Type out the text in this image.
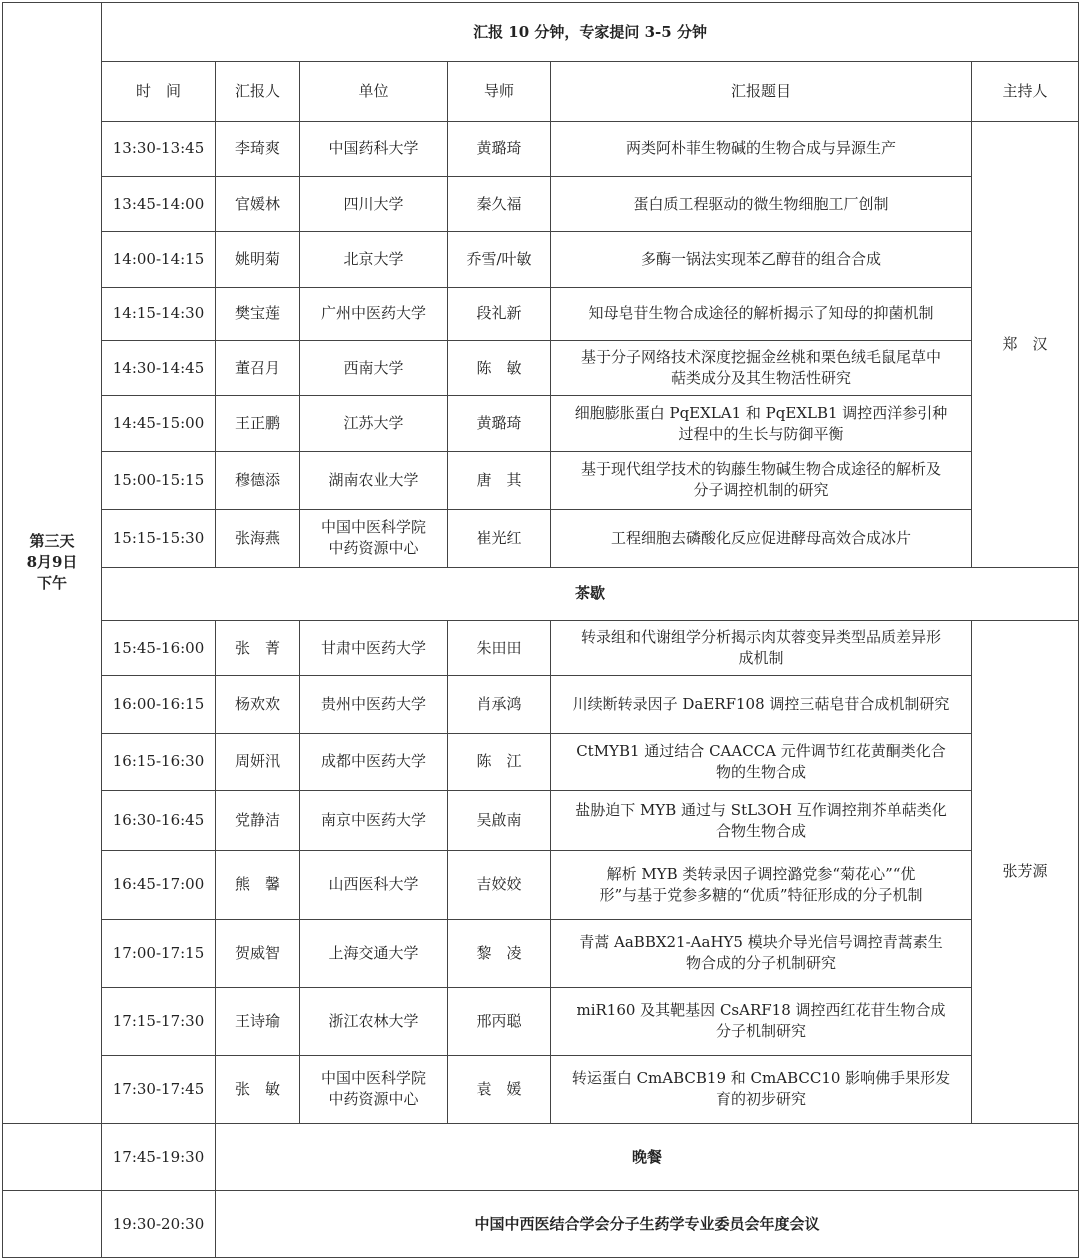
第三天
8月9日
下午	汇报 10 分钟，专家提问 3-5 分钟					
	时　间	汇报人	单位	导师	汇报题目	主持人
	13:30-13:45	李琦爽	中国药科大学	黄璐琦	两类阿朴菲生物碱的生物合成与异源生产	郑　汉
	13:45-14:00	官媛林	四川大学	秦久福	蛋白质工程驱动的微生物细胞工厂创制	

	14:00-14:15	姚明菊	北京大学	乔雪/叶敏	多酶一锅法实现苯乙醇苷的组合合成	

	14:15-14:30	樊宝莲	广州中医药大学	段礼新	知母皂苷生物合成途径的解析揭示了知母的抑菌机制	

	14:30-14:45	董召月	西南大学	陈　敏	基于分子网络技术深度挖掘金丝桃和栗色绒毛鼠尾草中
萜类成分及其生物活性研究	

	14:45-15:00	王正鹏	江苏大学	黄璐琦	细胞膨胀蛋白 PqEXLA1 和 PqEXLB1 调控西洋参引种
过程中的生长与防御平衡	

	15:00-15:15	穆德添	湖南农业大学	唐　其	基于现代组学技术的钩藤生物碱生物合成途径的解析及
分子调控机制的研究	

	15:15-15:30	张海燕	中国中医科学院
中药资源中心	崔光红	工程细胞去磷酸化反应促进酵母高效合成冰片	

	茶歇					
	15:45-16:00	张　菁	甘肃中医药大学	朱田田	转录组和代谢组学分析揭示肉苁蓉变异类型品质差异形
成机制	张芳源
	16:00-16:15	杨欢欢	贵州中医药大学	肖承鸿	川续断转录因子 DaERF108 调控三萜皂苷合成机制研究	

	16:15-16:30	周妍汛	成都中医药大学	陈　江	CtMYB1 通过结合 CAACCA 元件调节红花黄酮类化合
物的生物合成	

	16:30-16:45	党静洁	南京中医药大学	吴啟南	盐胁迫下 MYB 通过与 StL3OH 互作调控荆芥单萜类化
合物生物合成	

	16:45-17:00	熊　馨	山西医科大学	吉姣姣	解析 MYB 类转录因子调控潞党参“菊花心”“优
形”与基于党参多糖的“优质”特征形成的分子机制	

	17:00-17:15	贺威智	上海交通大学	黎　凌	青蒿 AaBBX21-AaHY5 模块介导光信号调控青蒿素生
物合成的分子机制研究	

	17:15-17:30	王诗瑜	浙江农林大学	邢丙聪	miR160 及其靶基因 CsARF18 调控西红花苷生物合成
分子机制研究	

	17:30-17:45	张　敏	中国中医科学院
中药资源中心	袁　媛	转运蛋白 CmABCB19 和 CmABCC10 影响佛手果形发
育的初步研究	

	17:45-19:30	晚餐				
	19:30-20:30	中国中西医结合学会分子生药学专业委员会年度会议				
